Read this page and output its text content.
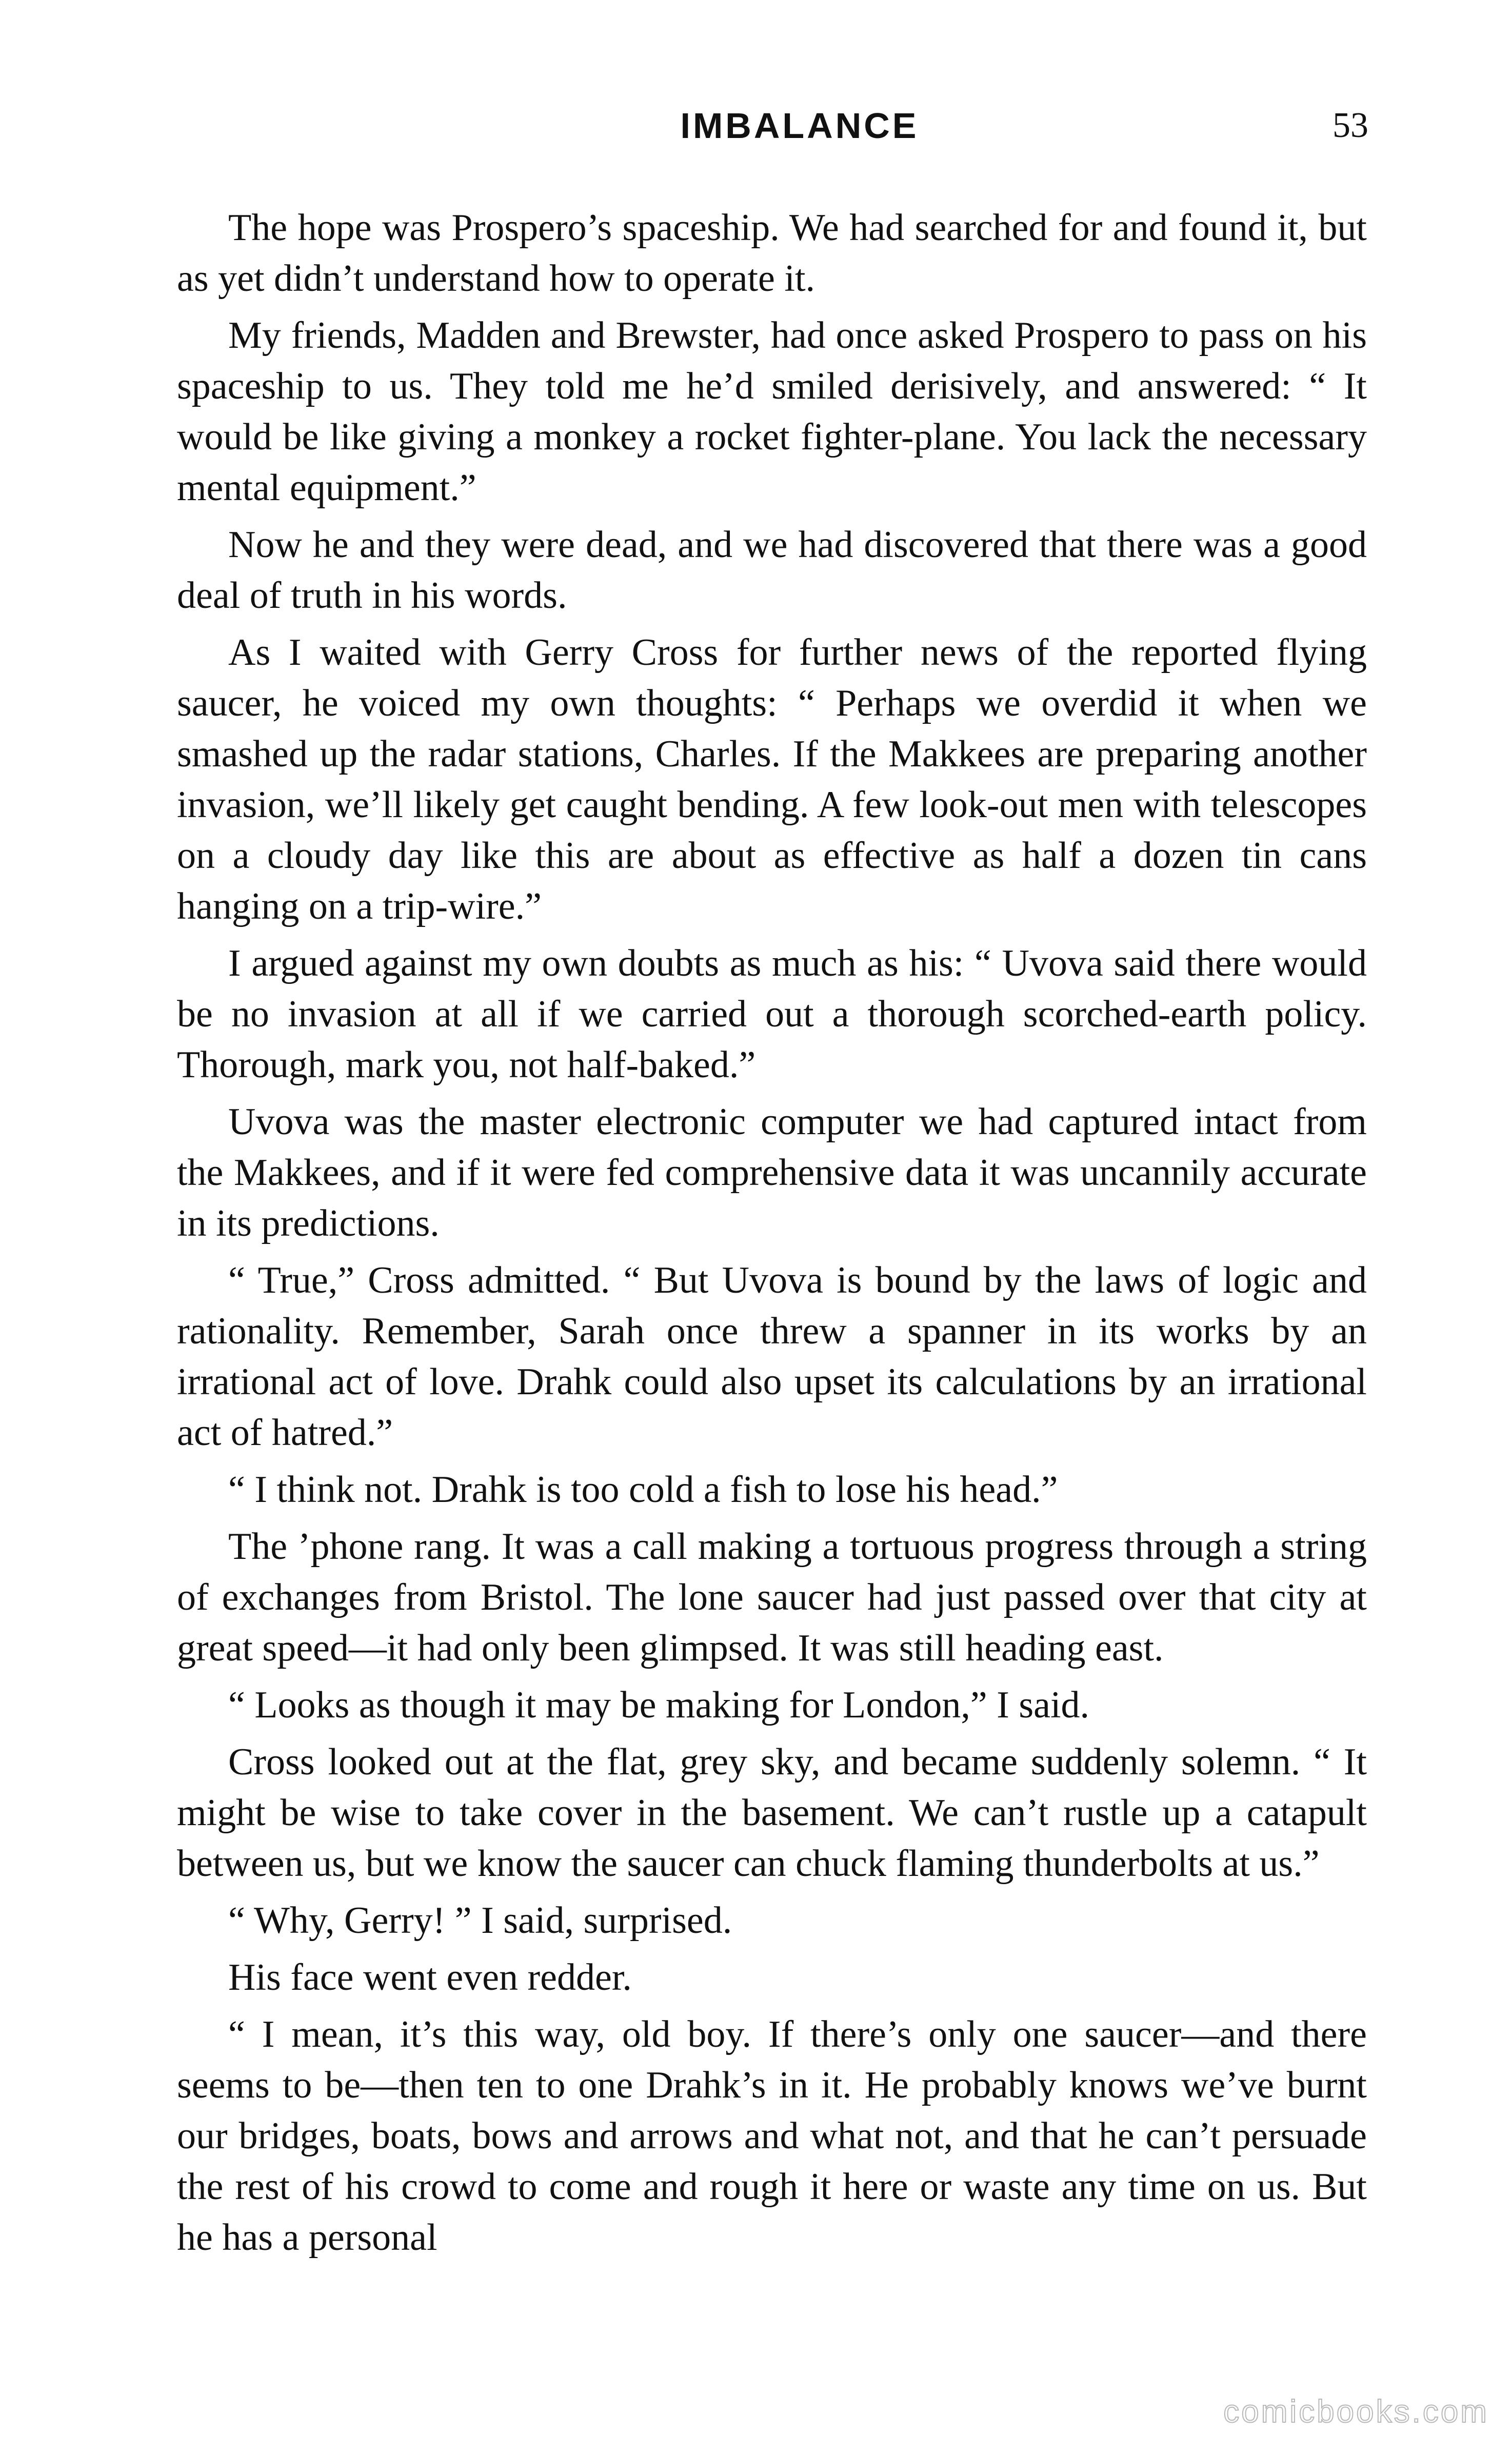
IMBALANCE	53

The hope was Prospero’s spaceship. We had searched for and found it, but as yet didn’t understand how to operate it.

My friends, Madden and Brewster, had once asked Prospero to pass on his spaceship to us. They told me he’d smiled derisively, and answered: “ It would be like giving a monkey a rocket fighter-plane. You lack the necessary mental equipment.”

Now he and they were dead, and we had discovered that there was a good deal of truth in his words.

As I waited with Gerry Cross for further news of the reported flying saucer, he voiced my own thoughts: “ Perhaps we overdid it when we smashed up the radar stations, Charles. If the Makkees are preparing another invasion, we’ll likely get caught bending. A few look-out men with telescopes on a cloudy day like this are about as effective as half a dozen tin cans hanging on a trip-wire.”

I argued against my own doubts as much as his: “ Uvova said there would be no invasion at all if we carried out a thorough scorched-earth policy. Thorough, mark you, not half-baked.”

Uvova was the master electronic computer we had captured intact from the Makkees, and if it were fed comprehensive data it was uncannily accurate in its predictions.

“ True,” Cross admitted. “ But Uvova is bound by the laws of logic and rationality. Remember, Sarah once threw a spanner in its works by an irrational act of love. Drahk could also upset its calculations by an irrational act of hatred.”

“ I think not. Drahk is too cold a fish to lose his head.”

The ’phone rang. It was a call making a tortuous progress through a string of exchanges from Bristol. The lone saucer had just passed over that city at great speed—it had only been glimpsed. It was still heading east.

“ Looks as though it may be making for London,” I said.

Cross looked out at the flat, grey sky, and became suddenly solemn. “ It might be wise to take cover in the basement. We can’t rustle up a catapult between us, but we know the saucer can chuck flaming thunderbolts at us.”

“ Why, Gerry! ” I said, surprised.

His face went even redder.

“ I mean, it’s this way, old boy. If there’s only one saucer—and there seems to be—then ten to one Drahk’s in it. He probably knows we’ve burnt our bridges, boats, bows and arrows and what not, and that he can’t persuade the rest of his crowd to come and rough it here or waste any time on us. But he has a personal

comicbooks.com
